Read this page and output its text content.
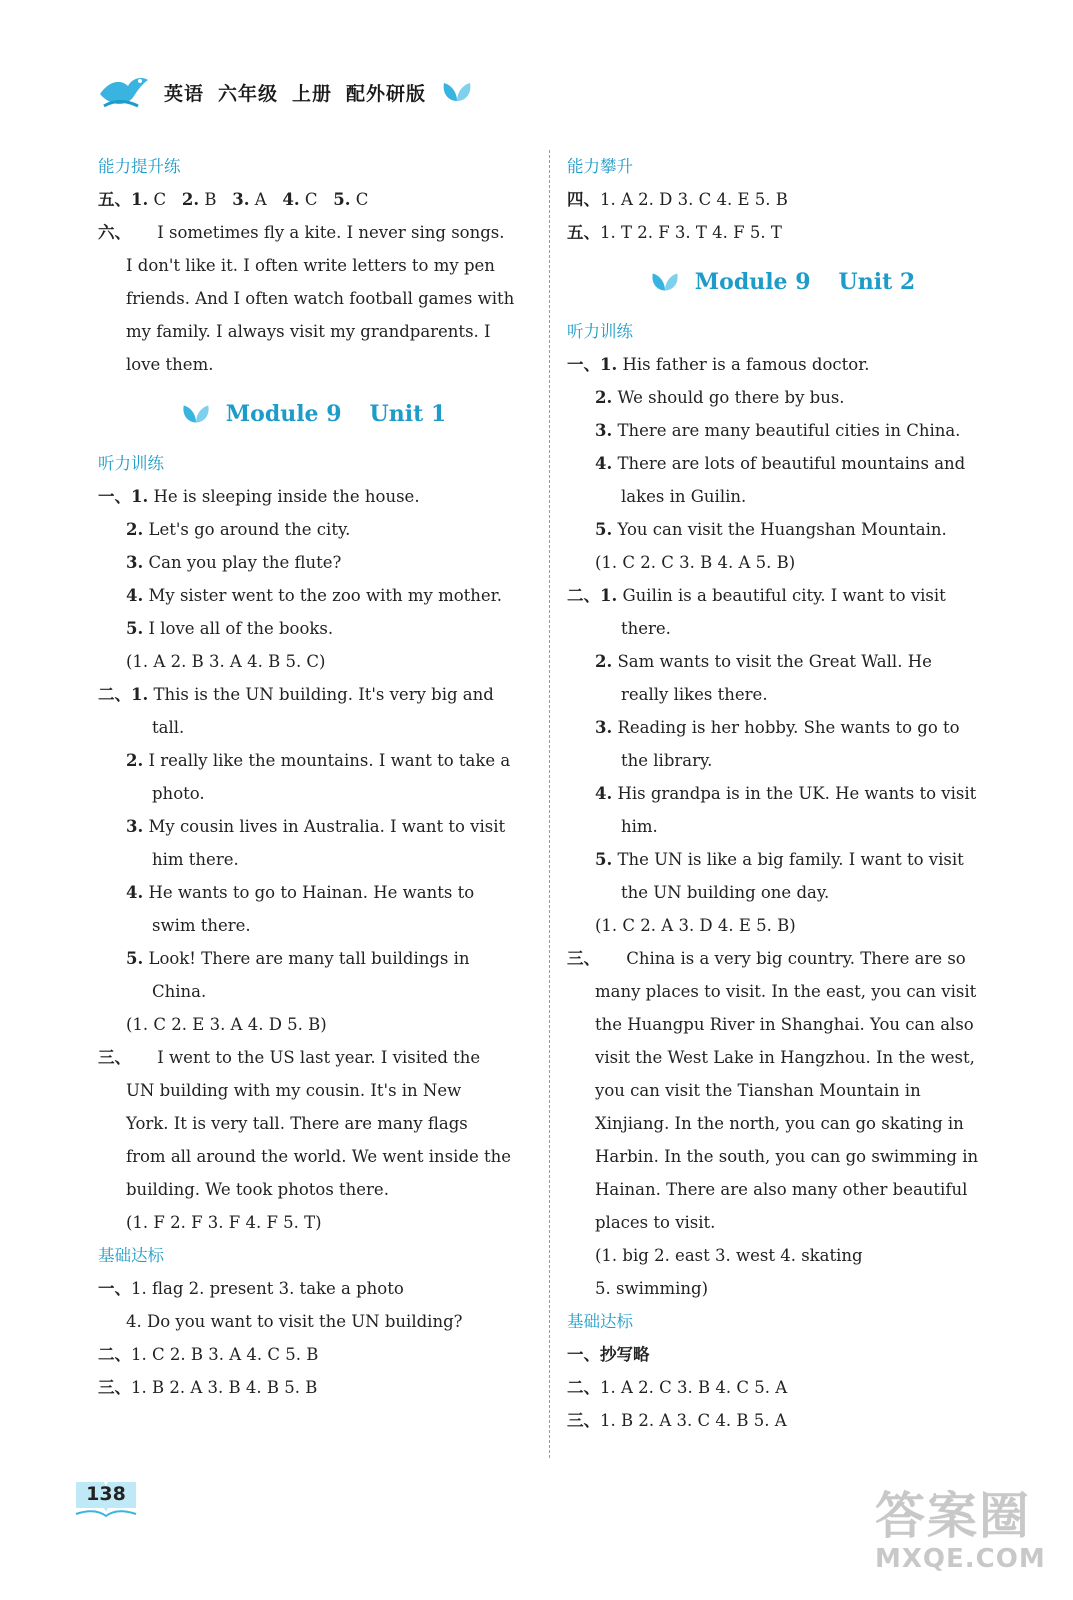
英语 六年级 上册 配外研版
能力提升练
五、1. C 2. B 3. A 4. C 5. C
六、 I sometimes fly a kite. I never sing songs.
I don't like it. I often write letters to my pen
friends. And I often watch football games with
my family. I always visit my grandparents. I
love them.
Module 9 Unit 1
听力训练
一、1. He is sleeping inside the house.
2. Let's go around the city.
3. Can you play the flute?
4. My sister went to the zoo with my mother.
5. I love all of the books.
(1. A 2. B 3. A 4. B 5. C)
二、1. This is the UN building. It's very big and
tall.
2. I really like the mountains. I want to take a
photo.
3. My cousin lives in Australia. I want to visit
him there.
4. He wants to go to Hainan. He wants to
swim there.
5. Look! There are many tall buildings in
China.
(1. C 2. E 3. A 4. D 5. B)
三、 I went to the US last year. I visited the
UN building with my cousin. It's in New
York. It is very tall. There are many flags
from all around the world. We went inside the
building. We took photos there.
(1. F 2. F 3. F 4. F 5. T)
基础达标
一、1. flag 2. present 3. take a photo
4. Do you want to visit the UN building?
二、1. C 2. B 3. A 4. C 5. B
三、1. B 2. A 3. B 4. B 5. B
能力攀升
四、1. A 2. D 3. C 4. E 5. B
五、1. T 2. F 3. T 4. F 5. T
Module 9 Unit 2
听力训练
一、1. His father is a famous doctor.
2. We should go there by bus.
3. There are many beautiful cities in China.
4. There are lots of beautiful mountains and
lakes in Guilin.
5. You can visit the Huangshan Mountain.
(1. C 2. C 3. B 4. A 5. B)
二、1. Guilin is a beautiful city. I want to visit
there.
2. Sam wants to visit the Great Wall. He
really likes there.
3. Reading is her hobby. She wants to go to
the library.
4. His grandpa is in the UK. He wants to visit
him.
5. The UN is like a big family. I want to visit
the UN building one day.
(1. C 2. A 3. D 4. E 5. B)
三、 China is a very big country. There are so
many places to visit. In the east, you can visit
the Huangpu River in Shanghai. You can also
visit the West Lake in Hangzhou. In the west,
you can visit the Tianshan Mountain in
Xinjiang. In the north, you can go skating in
Harbin. In the south, you can go swimming in
Hainan. There are also many other beautiful
places to visit.
(1. big 2. east 3. west 4. skating
5. swimming)
基础达标
一、抄写略
二、1. A 2. C 3. B 4. C 5. A
三、1. B 2. A 3. C 4. B 5. A
138	答案圈
MXQE.COM
